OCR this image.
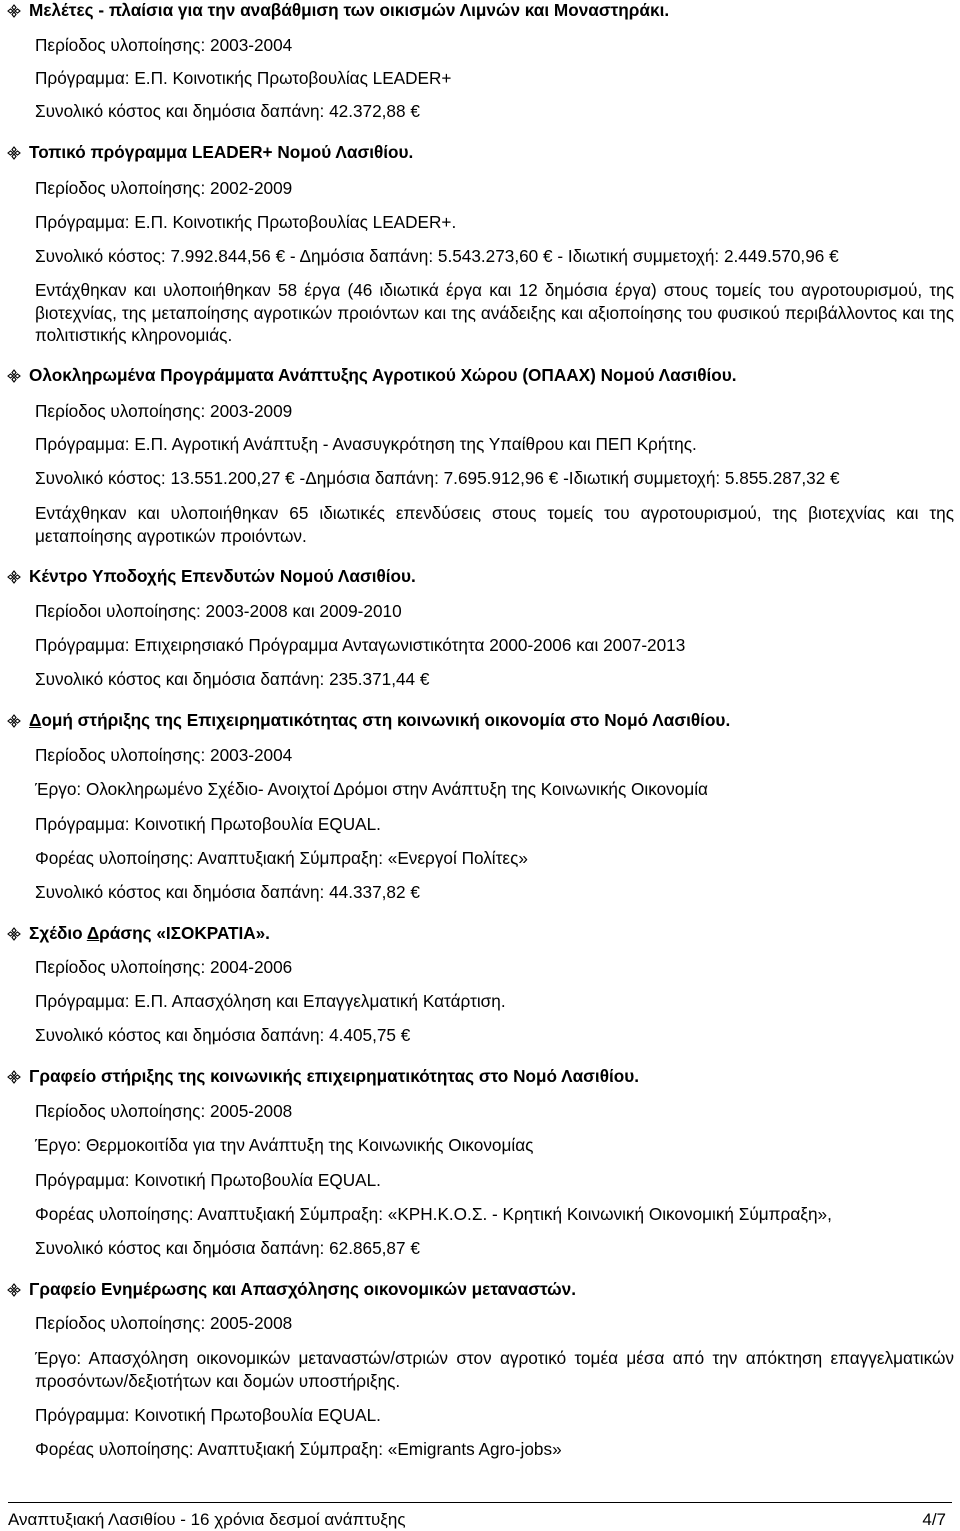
Μελέτες - πλαίσια για την αναβάθμιση των οικισμών Λιμνών και Μοναστηράκι.
Περίοδος υλοποίησης: 2003-2004
Πρόγραμμα: Ε.Π. Κοινοτικής Πρωτοβουλίας LEADER+
Συνολικό κόστος και δημόσια δαπάνη: 42.372,88 €
Τοπικό πρόγραμμα LEADER+ Νομού Λασιθίου.
Περίοδος υλοποίησης: 2002-2009
Πρόγραμμα: Ε.Π. Κοινοτικής Πρωτοβουλίας LEADER+.
Συνολικό κόστος: 7.992.844,56 € - Δημόσια δαπάνη: 5.543.273,60 € - Ιδιωτική συμμετοχή: 2.449.570,96 €
Εντάχθηκαν και υλοποιήθηκαν 58 έργα (46 ιδιωτικά έργα και 12 δημόσια έργα) στους τομείς του αγροτουρισμού, της βιοτεχνίας, της μεταποίησης αγροτικών προιόντων και της ανάδειξης και αξιοποίησης του φυσικού περιβάλλοντος και της πολιτιστικής κληρονομιάς.
Ολοκληρωμένα Προγράμματα Ανάπτυξης Αγροτικού Χώρου (ΟΠΑΑΧ) Νομού Λασιθίου.
Περίοδος υλοποίησης: 2003-2009
Πρόγραμμα: Ε.Π. Αγροτική Ανάπτυξη - Ανασυγκρότηση της Υπαίθρου και ΠΕΠ Κρήτης.
Συνολικό κόστος: 13.551.200,27 € -Δημόσια δαπάνη: 7.695.912,96 € -Ιδιωτική συμμετοχή: 5.855.287,32 €
Εντάχθηκαν και υλοποιήθηκαν 65 ιδιωτικές επενδύσεις στους τομείς του αγροτουρισμού, της βιοτεχνίας και της μεταποίησης αγροτικών προιόντων.
Κέντρο Υποδοχής Επενδυτών Νομού Λασιθίου.
Περίοδοι υλοποίησης: 2003-2008 και 2009-2010
Πρόγραμμα: Επιχειρησιακό Πρόγραμμα Ανταγωνιστικότητα 2000-2006 και 2007-2013
Συνολικό κόστος και δημόσια δαπάνη: 235.371,44 €
Δομή στήριξης της Επιχειρηματικότητας στη κοινωνική οικονομία στο Νομό Λασιθίου.
Περίοδος υλοποίησης: 2003-2004
Έργο: Ολοκληρωμένο Σχέδιο- Ανοιχτοί Δρόμοι στην Ανάπτυξη της Κοινωνικής Οικονομία
Πρόγραμμα: Κοινοτική Πρωτοβουλία EQUAL.
Φορέας υλοποίησης: Αναπτυξιακή Σύμπραξη: «Ενεργοί Πολίτες»
Συνολικό κόστος και δημόσια δαπάνη: 44.337,82 €
Σχέδιο Δράσης «ΙΣΟΚΡΑΤΙΑ».
Περίοδος υλοποίησης: 2004-2006
Πρόγραμμα: Ε.Π. Απασχόληση και Επαγγελματική Κατάρτιση.
Συνολικό κόστος και δημόσια δαπάνη: 4.405,75 €
Γραφείο στήριξης της κοινωνικής επιχειρηματικότητας στο Νομό Λασιθίου.
Περίοδος υλοποίησης: 2005-2008
Έργο: Θερμοκοιτίδα για την Ανάπτυξη της Κοινωνικής Οικονομίας
Πρόγραμμα: Κοινοτική Πρωτοβουλία EQUAL.
Φορέας υλοποίησης: Αναπτυξιακή Σύμπραξη: «ΚΡΗ.Κ.Ο.Σ. - Κρητική Κοινωνική Οικονομική Σύμπραξη»,
Συνολικό κόστος και δημόσια δαπάνη: 62.865,87 €
Γραφείο Ενημέρωσης και Απασχόλησης οικονομικών μεταναστών.
Περίοδος υλοποίησης: 2005-2008
Έργο: Απασχόληση οικονομικών μεταναστών/στριών στον αγροτικό τομέα μέσα από την απόκτηση επαγγελματικών προσόντων/δεξιοτήτων και δομών υποστήριξης.
Πρόγραμμα: Κοινοτική Πρωτοβουλία EQUAL.
Φορέας υλοποίησης: Αναπτυξιακή Σύμπραξη: «Emigrants Agro-jobs»
Αναπτυξιακή Λασιθίου - 16 χρόνια δεσμοί ανάπτυξης	4/7
